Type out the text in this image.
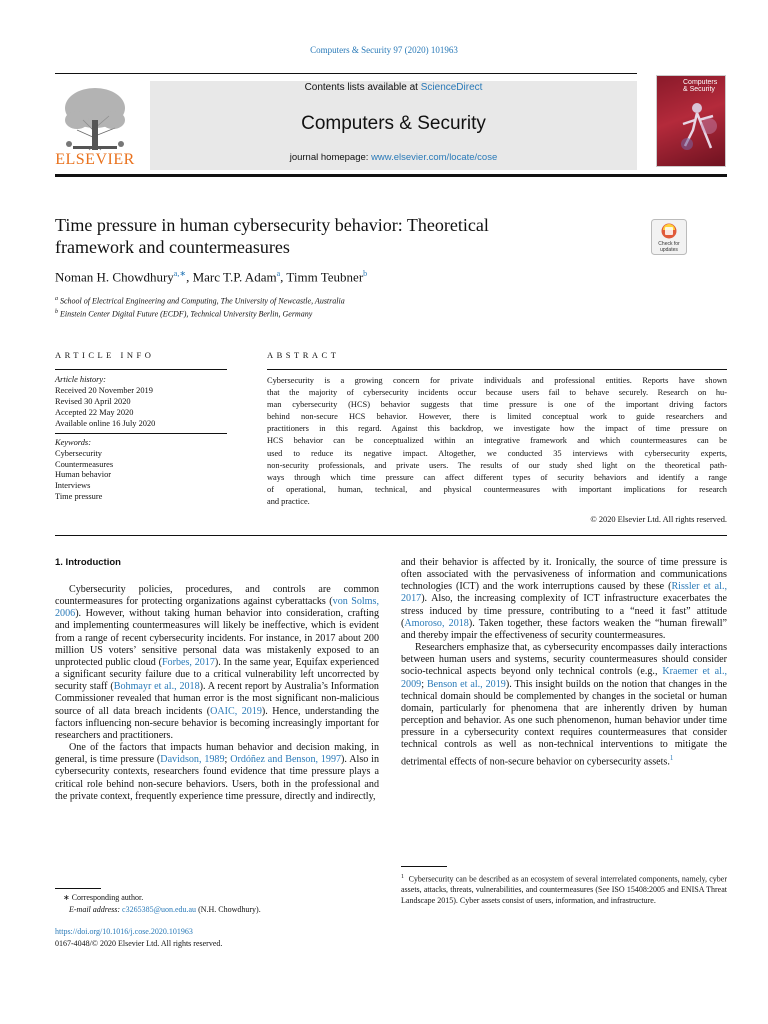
Computers & Security 97 (2020) 101963
ELSEVIER
Contents lists available at ScienceDirect
Computers & Security
journal homepage: www.elsevier.com/locate/cose
Computers
& Security
Time pressure in human cybersecurity behavior: Theoretical
framework and countermeasures	Check for
updates
Noman H. Chowdhury$^{a,∗}$, Marc T.P. Adam$^a$, Timm Teubner$^b$
$^a$ School of Electrical Engineering and Computing, The University of Newcastle, Australia
$^b$ Einstein Center Digital Future (ECDF), Technical University Berlin, Germany
ARTICLE INFO
Article history:
Received 20 November 2019
Revised 30 April 2020
Accepted 22 May 2020
Available online 16 July 2020
Keywords:
Cybersecurity
Countermeasures
Human behavior
Interviews
Time pressure
ABSTRACT
Cybersecurity is a growing concern for private individuals and professional entities. Reports have shown
that the majority of cybersecurity incidents occur because users fail to behave securely. Research on hu-
man cybersecurity (HCS) behavior suggests that time pressure is one of the important driving factors
behind non-secure HCS behavior. However, there is limited conceptual work to guide researchers and
practitioners in this regard. Against this backdrop, we investigate how the impact of time pressure on
HCS behavior can be conceptualized within an integrative framework and which countermeasures can be
used to reduce its negative impact. Altogether, we conducted 35 interviews with cybersecurity experts,
non-security professionals, and private users. The results of our study shed light on the theoretical path-
ways through which time pressure can affect different types of security behaviors and identify a range
of operational, human, technical, and physical countermeasures with important implications for research
and practice.
© 2020 Elsevier Ltd. All rights reserved.
1. Introduction

Cybersecurity policies, procedures, and controls are common countermeasures for protecting organizations against cyberattacks (von Solms, 2006). However, without taking human behavior into consideration, crafting and implementing countermeasures will likely be ineffective, which is evident from a range of recent cybersecurity incidents. For instance, in 2017 about 200 million US voters’ sensitive personal data was mistakenly exposed to an unprotected public cloud (Forbes, 2017). In the same year, Equifax experienced a significant security failure due to a critical vulnerability left uncorrected by security staff (Bohmayr et al., 2018). A recent report by Australia’s Information Commissioner revealed that human error is the most significant non-malicious source of all data breach incidents (OAIC, 2019). Hence, understanding the factors influencing non-secure behavior is becoming increasingly important for researchers and practitioners.

One of the factors that impacts human behavior and decision making, in general, is time pressure (Davidson, 1989; Ordóñez and Benson, 1997). Also in cybersecurity contexts, researchers found evidence that time pressure plays a critical role behind non-secure behaviors. Users, both in the professional and the private context, frequently experience time pressure, directly and indirectly,

and their behavior is affected by it. Ironically, the source of time pressure is often associated with the pervasiveness of information and communications technologies (ICT) and the work interruptions caused by these (Rissler et al., 2017). Also, the increasing complexity of ICT infrastructure exacerbates the stress induced by time pressure, contributing to a “need it fast” attitude (Amoroso, 2018). Taken together, these factors weaken the “human firewall” and thereby impair the effectiveness of security countermeasures.

Researchers emphasize that, as cybersecurity encompasses daily interactions between human users and systems, security countermeasures should consider socio-technical aspects beyond only technical controls (e.g., Kraemer et al., 2009; Benson et al., 2019). This insight builds on the notion that changes in the technical domain should be complemented by changes in the societal or human domain, particularly for phenomena that are inherently driven by human perception and behavior. As one such phenomenon, human behavior under time pressure in a cybersecurity context requires countermeasures that consider technical controls as well as non-technical interventions to mitigate the detrimental effects of non-secure behavior on cybersecurity assets.$^1$

∗ Corresponding author.
E-mail address: c3265385@uon.edu.au (N.H. Chowdhury).
https://doi.org/10.1016/j.cose.2020.101963
0167-4048/© 2020 Elsevier Ltd. All rights reserved.
$^1$ Cybersecurity can be described as an ecosystem of several interrelated components, namely, cyber assets, attacks, threats, vulnerabilities, and countermeasures (See ISO 15408:2005 and ENISA Threat Landscape 2015). Cyber assets consist of users, information, and infrastructure.
